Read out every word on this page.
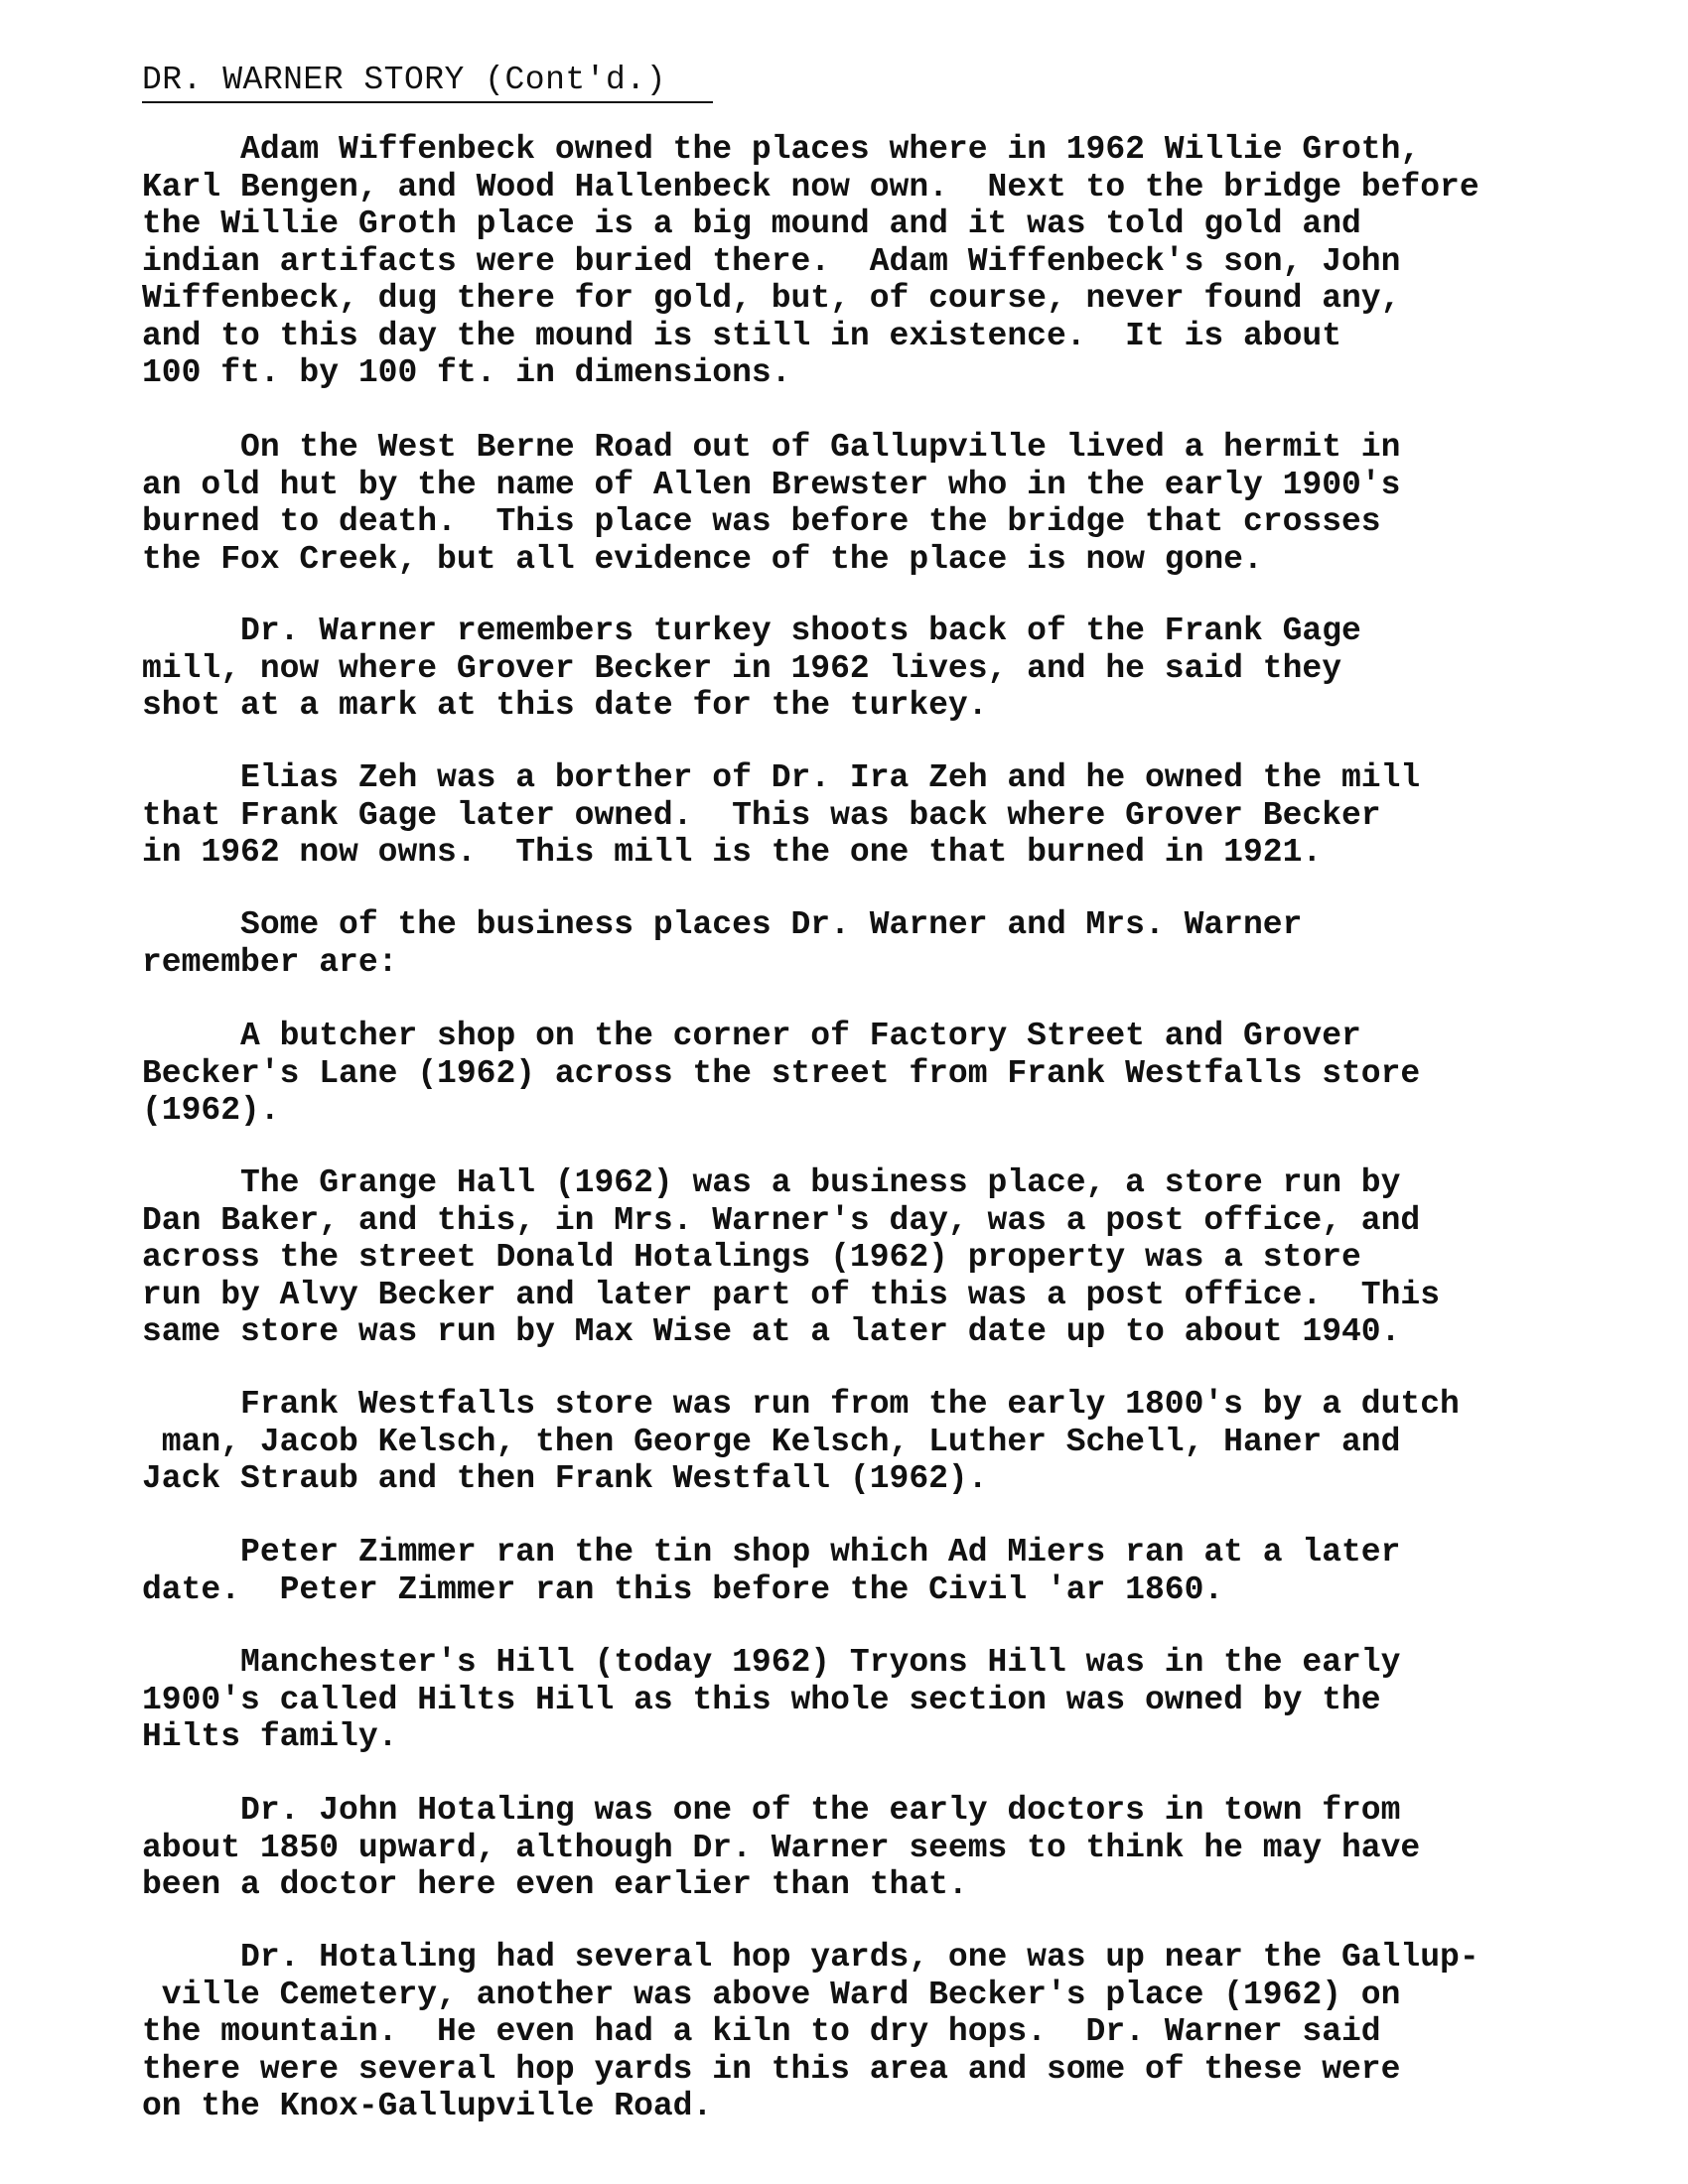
DR. WARNER STORY (Cont'd.)

Adam Wiffenbeck owned the places where in 1962 Willie Groth,
Karl Bengen, and Wood Hallenbeck now own.  Next to the bridge before
the Willie Groth place is a big mound and it was told gold and
indian artifacts were buried there.  Adam Wiffenbeck's son, John
Wiffenbeck, dug there for gold, but, of course, never found any,
and to this day the mound is still in existence.  It is about
100 ft. by 100 ft. in dimensions.

On the West Berne Road out of Gallupville lived a hermit in
an old hut by the name of Allen Brewster who in the early 1900's
burned to death.  This place was before the bridge that crosses
the Fox Creek, but all evidence of the place is now gone.

Dr. Warner remembers turkey shoots back of the Frank Gage
mill, now where Grover Becker in 1962 lives, and he said they
shot at a mark at this date for the turkey.

Elias Zeh was a borther of Dr. Ira Zeh and he owned the mill
that Frank Gage later owned.  This was back where Grover Becker
in 1962 now owns.  This mill is the one that burned in 1921.

Some of the business places Dr. Warner and Mrs. Warner
remember are:

A butcher shop on the corner of Factory Street and Grover
Becker's Lane (1962) across the street from Frank Westfalls store
(1962).

The Grange Hall (1962) was a business place, a store run by
Dan Baker, and this, in Mrs. Warner's day, was a post office, and
across the street Donald Hotalings (1962) property was a store
run by Alvy Becker and later part of this was a post office.  This
same store was run by Max Wise at a later date up to about 1940.

Frank Westfalls store was run from the early 1800's by a dutch
man, Jacob Kelsch, then George Kelsch, Luther Schell, Haner and
Jack Straub and then Frank Westfall (1962).

Peter Zimmer ran the tin shop which Ad Miers ran at a later
date.  Peter Zimmer ran this before the Civil 'ar 1860.

Manchester's Hill (today 1962) Tryons Hill was in the early
1900's called Hilts Hill as this whole section was owned by the
Hilts family.

Dr. John Hotaling was one of the early doctors in town from
about 1850 upward, although Dr. Warner seems to think he may have
been a doctor here even earlier than that.

Dr. Hotaling had several hop yards, one was up near the Gallup-
ville Cemetery, another was above Ward Becker's place (1962) on
the mountain.  He even had a kiln to dry hops.  Dr. Warner said
there were several hop yards in this area and some of these were
on the Knox-Gallupville Road.
